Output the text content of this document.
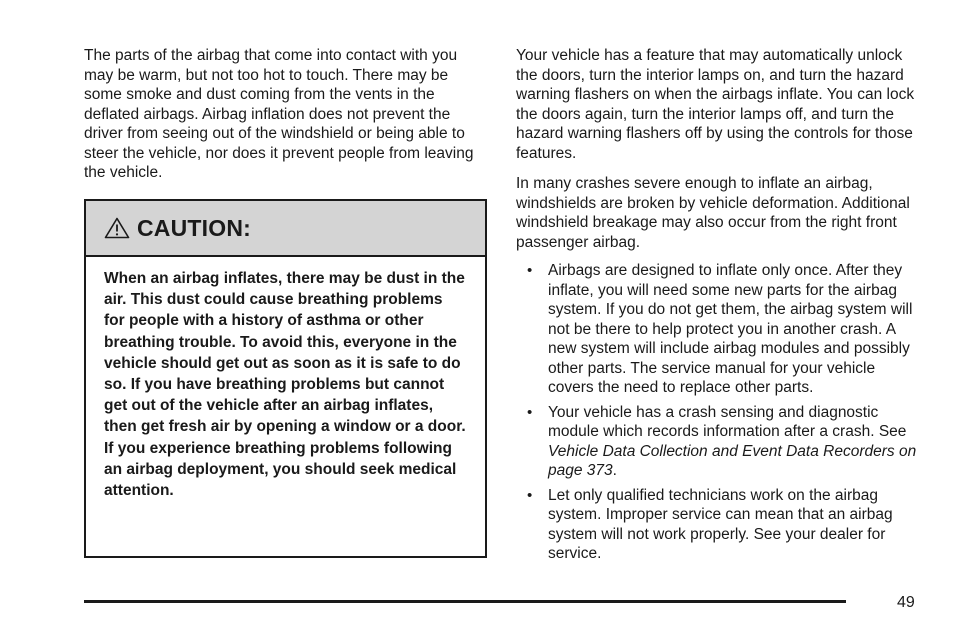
The parts of the airbag that come into contact with you may be warm, but not too hot to touch. There may be some smoke and dust coming from the vents in the deflated airbags. Airbag inflation does not prevent the driver from seeing out of the windshield or being able to steer the vehicle, nor does it prevent people from leaving the vehicle.

CAUTION:
When an airbag inflates, there may be dust in the air. This dust could cause breathing problems for people with a history of asthma or other breathing trouble. To avoid this, everyone in the vehicle should get out as soon as it is safe to do so. If you have breathing problems but cannot get out of the vehicle after an airbag inflates, then get fresh air by opening a window or a door. If you experience breathing problems following an airbag deployment, you should seek medical attention.

Your vehicle has a feature that may automatically unlock the doors, turn the interior lamps on, and turn the hazard warning flashers on when the airbags inflate. You can lock the doors again, turn the interior lamps off, and turn the hazard warning flashers off by using the controls for those features.

In many crashes severe enough to inflate an airbag, windshields are broken by vehicle deformation. Additional windshield breakage may also occur from the right front passenger airbag.

• Airbags are designed to inflate only once. After they inflate, you will need some new parts for the airbag system. If you do not get them, the airbag system will not be there to help protect you in another crash. A new system will include airbag modules and possibly other parts. The service manual for your vehicle covers the need to replace other parts.
• Your vehicle has a crash sensing and diagnostic module which records information after a crash. See Vehicle Data Collection and Event Data Recorders on page 373.
• Let only qualified technicians work on the airbag system. Improper service can mean that an airbag system will not work properly. See your dealer for service.
49
